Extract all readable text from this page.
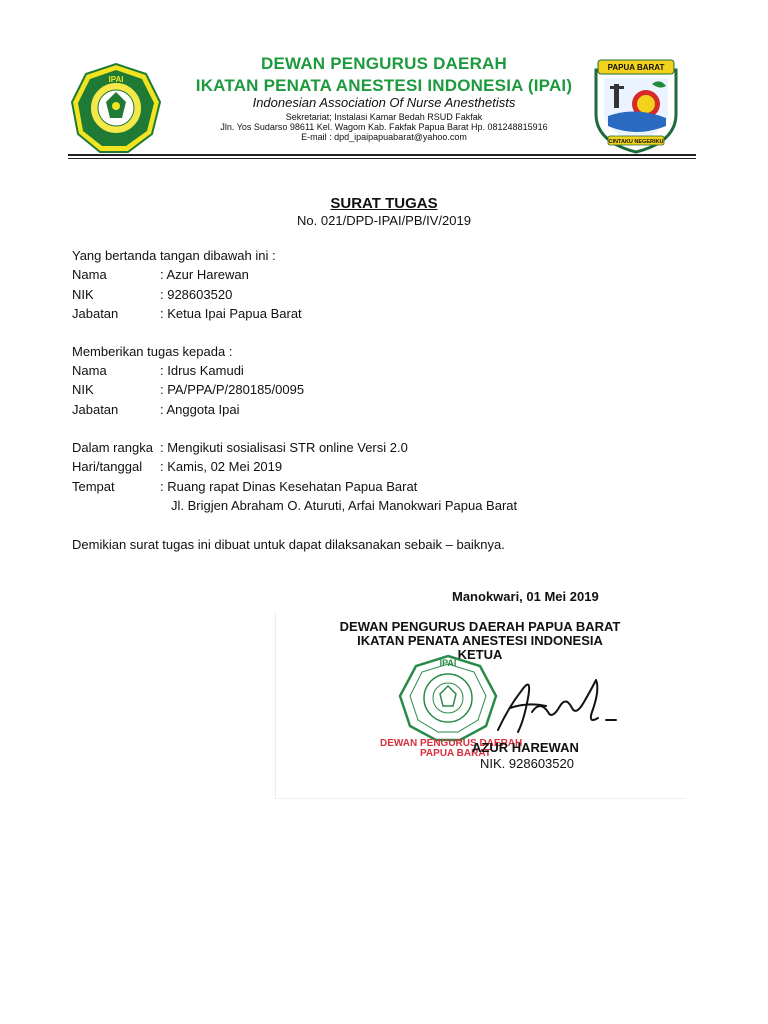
IPAI
DEWAN PENGURUS DAERAH
IKATAN PENATA ANESTESI INDONESIA (IPAI)
Indonesian Association Of Nurse Anesthetists
Sekretariat; Instalasi Kamar Bedah RSUD Fakfak
Jln. Yos Sudarso 98611 Kel. Wagom Kab. Fakfak Papua Barat Hp. 081248815916
E-mail : dpd_ipaipapuabarat@yahoo.com
PAPUA BARAT
CINTAKU NEGERIKU
SURAT TUGAS
No. 021/DPD-IPAI/PB/IV/2019
Yang bertanda tangan dibawah ini :
Nama	: Azur Harewan
NIK	: 928603520
Jabatan	: Ketua Ipai Papua Barat
Memberikan tugas kepada :
Nama	: Idrus Kamudi
NIK	: PA/PPA/P/280185/0095
Jabatan	: Anggota Ipai
Dalam rangka : Mengikuti sosialisasi STR online Versi 2.0
Hari/tanggal : Kamis, 02 Mei 2019
Tempat	: Ruang rapat Dinas Kesehatan Papua Barat
Jl. Brigjen Abraham O. Aturuti, Arfai Manokwari Papua Barat
Demikian surat tugas ini dibuat untuk dapat dilaksanakan sebaik – baiknya.
Manokwari, 01 Mei 2019
DEWAN PENGURUS DAERAH PAPUA BARAT
IKATAN PENATA ANESTESI INDONESIA
KETUA
IPAI
DEWAN PENGURUS DAERAH
PAPUA BARAT
AZUR HAREWAN
NIK. 928603520
